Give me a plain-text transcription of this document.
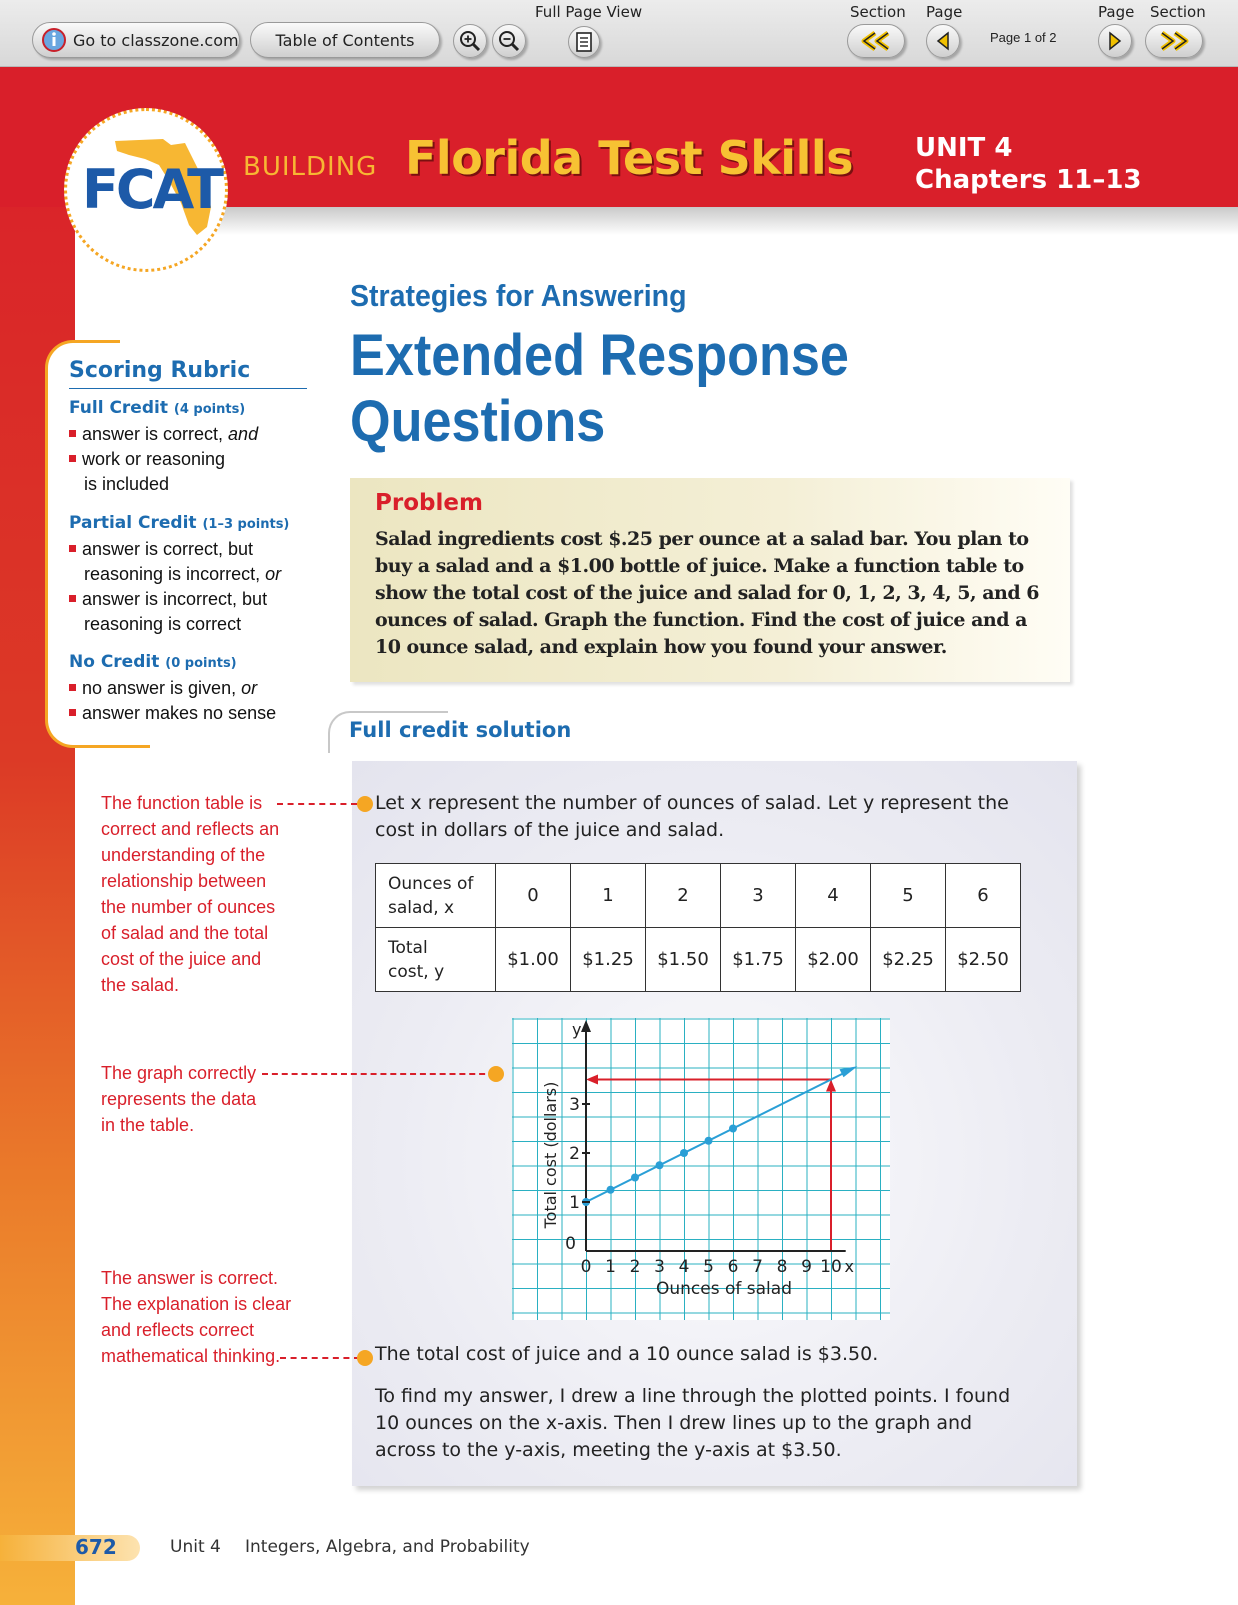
Go to classzone.com Table of Contents
Full Page View	Section Page
Page 1 of 2
Page Section
FCAT BUILDING Florida Test Skills UNIT 4
Chapters 11–13
Strategies for Answering
Extended Response
Questions
Scoring Rubric
Full Credit (4 points)
answer is correct, and
work or reasoning
is included
Partial Credit (1–3 points)
answer is correct, but
reasoning is incorrect, or
answer is incorrect, but
reasoning is correct
No Credit (0 points)
no answer is given, or
answer makes no sense
Problem
Salad ingredients cost $.25 per ounce at a salad bar. You plan to buy a salad and a $1.00 bottle of juice. Make a function table to show the total cost of the juice and salad for 0, 1, 2, 3, 4, 5, and 6 ounces of salad. Graph the function. Find the cost of juice and a 10 ounce salad, and explain how you found your answer.
Full credit solution
Let x represent the number of ounces of salad. Let y represent the cost in dollars of the juice and salad.
Ounces of
salad, x	0	1	2	3	4	5	6
Total
cost, y	$1.00	$1.25	$1.50	$1.75	$2.00	$2.25	$2.50
y
x
0 1 2 3 4 5 6 7 8 9 10
0
1
2
3
Ounces of salad
Total cost (dollars)
The total cost of juice and a 10 ounce salad is $3.50.
To find my answer, I drew a line through the plotted points. I found 10 ounces on the x-axis. Then I drew lines up to the graph and across to the y-axis, meeting the y-axis at $3.50.
The function table is correct and reflects an understanding of the relationship between the number of ounces of salad and the total cost of the juice and the salad.
The graph correctly represents the data in the table.
The answer is correct. The explanation is clear and reflects correct mathematical thinking.
672	Unit 4 Integers, Algebra, and Probability
